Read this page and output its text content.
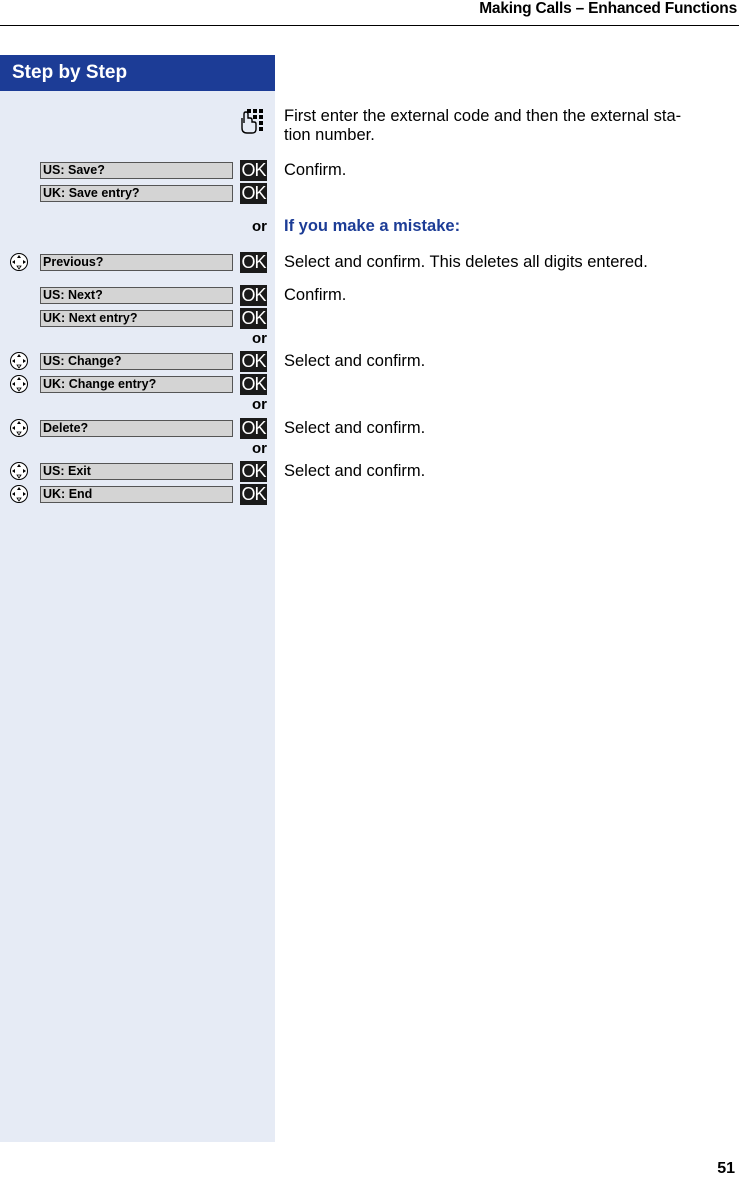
Making Calls – Enhanced Functions
Step by Step
First enter the external code and then the external sta-
tion number.
US: Save?	OK
UK: Save entry?	OK
Confirm.
or If you make a mistake:
Previous?	OK Select and confirm. This deletes all digits entered.
US: Next?	OK
UK: Next entry?	OK
Confirm.
or
US: Change?	OK
UK: Change entry?	OK
Select and confirm.
or
Delete?	OK Select and confirm.
or
US: Exit	OK
UK: End	OK
Select and confirm.
51
